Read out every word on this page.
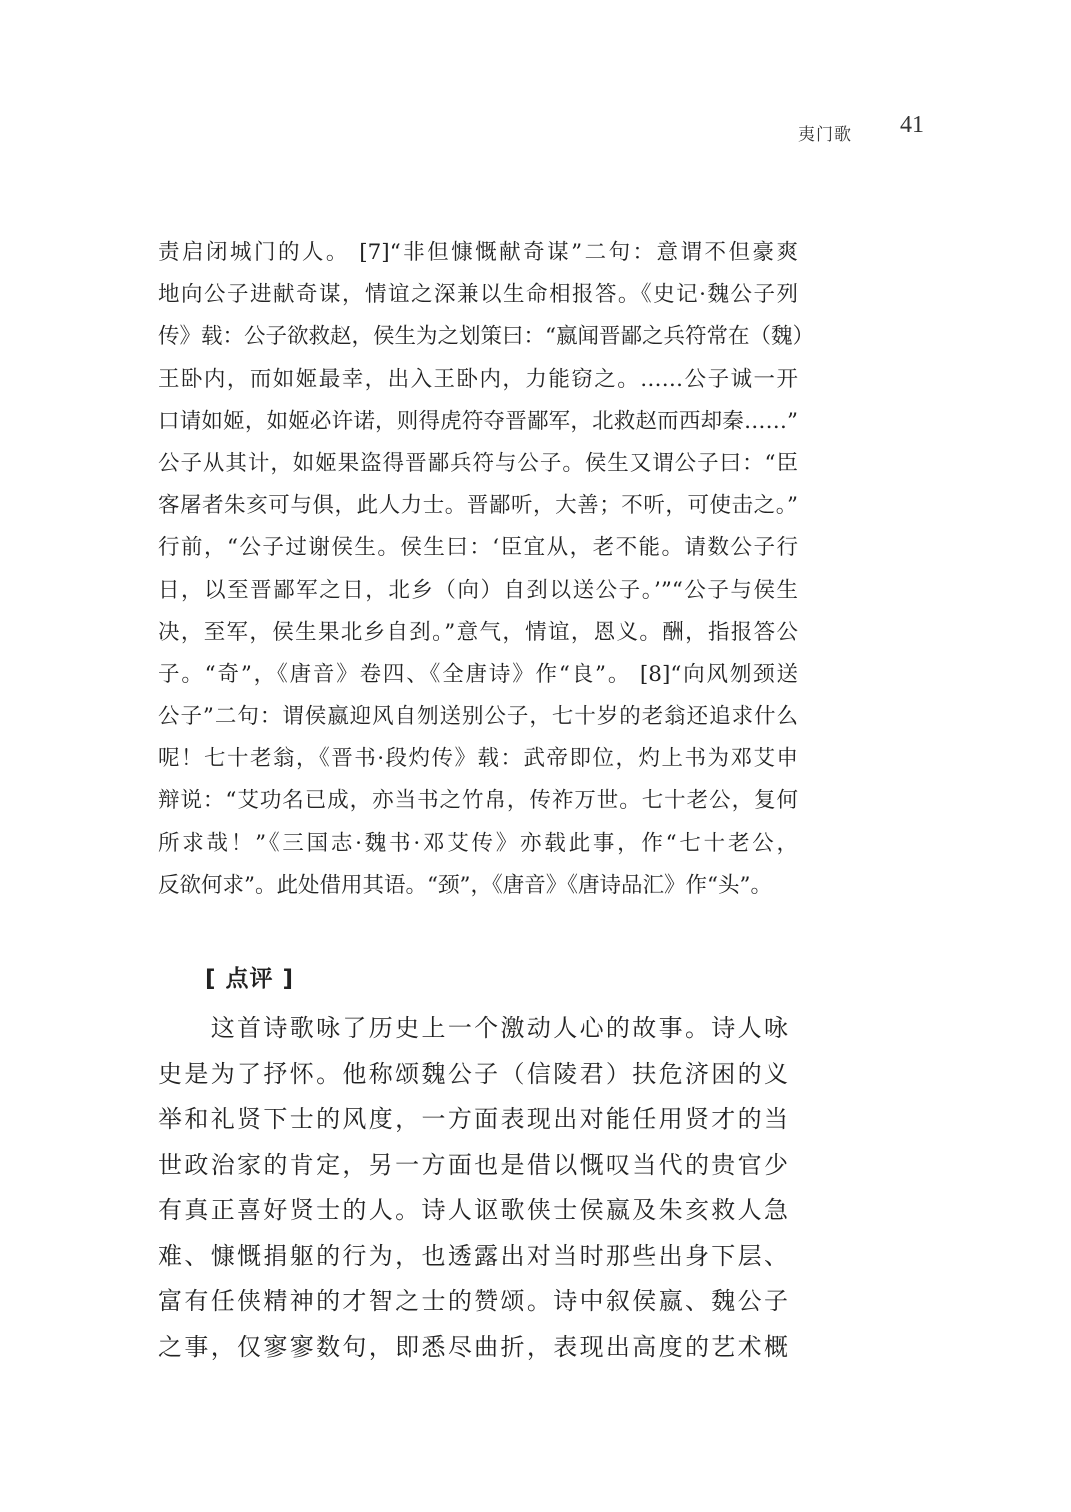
夷门歌 41
责启闭城门的人。 [7]“非但慷慨献奇谋”二句：意谓不但豪爽
地向公子进献奇谋，情谊之深兼以生命相报答。《史记·魏公子列
传》载：公子欲救赵，侯生为之划策曰：“嬴闻晋鄙之兵符常在（魏）
王卧内，而如姬最幸，出入王卧内，力能窃之。……公子诚一开
口请如姬，如姬必许诺，则得虎符夺晋鄙军，北救赵而西却秦……”
公子从其计，如姬果盗得晋鄙兵符与公子。侯生又谓公子曰：“臣
客屠者朱亥可与俱，此人力士。晋鄙听，大善；不听，可使击之。”
行前，“公子过谢侯生。侯生曰：‘臣宜从，老不能。请数公子行
日，以至晋鄙军之日，北乡（向）自刭以送公子。’”“公子与侯生
决，至军，侯生果北乡自刭。”意气，情谊，恩义。酬，指报答公
子。“奇”，《唐音》卷四、《全唐诗》作“良”。 [8]“向风刎颈送
公子”二句：谓侯嬴迎风自刎送别公子，七十岁的老翁还追求什么
呢！七十老翁，《晋书·段灼传》载：武帝即位，灼上书为邓艾申
辩说：“艾功名已成，亦当书之竹帛，传祚万世。七十老公，复何
所求哉！”《三国志·魏书·邓艾传》亦载此事，作“七十老公，
反欲何求”。此处借用其语。“颈”，《唐音》《唐诗品汇》作“头”。
[ 点评 ]
　　这首诗歌咏了历史上一个激动人心的故事。诗人咏
史是为了抒怀。他称颂魏公子（信陵君）扶危济困的义
举和礼贤下士的风度，一方面表现出对能任用贤才的当
世政治家的肯定，另一方面也是借以慨叹当代的贵官少
有真正喜好贤士的人。诗人讴歌侠士侯嬴及朱亥救人急
难、慷慨捐躯的行为，也透露出对当时那些出身下层、
富有任侠精神的才智之士的赞颂。诗中叙侯嬴、魏公子
之事，仅寥寥数句，即悉尽曲折，表现出高度的艺术概
